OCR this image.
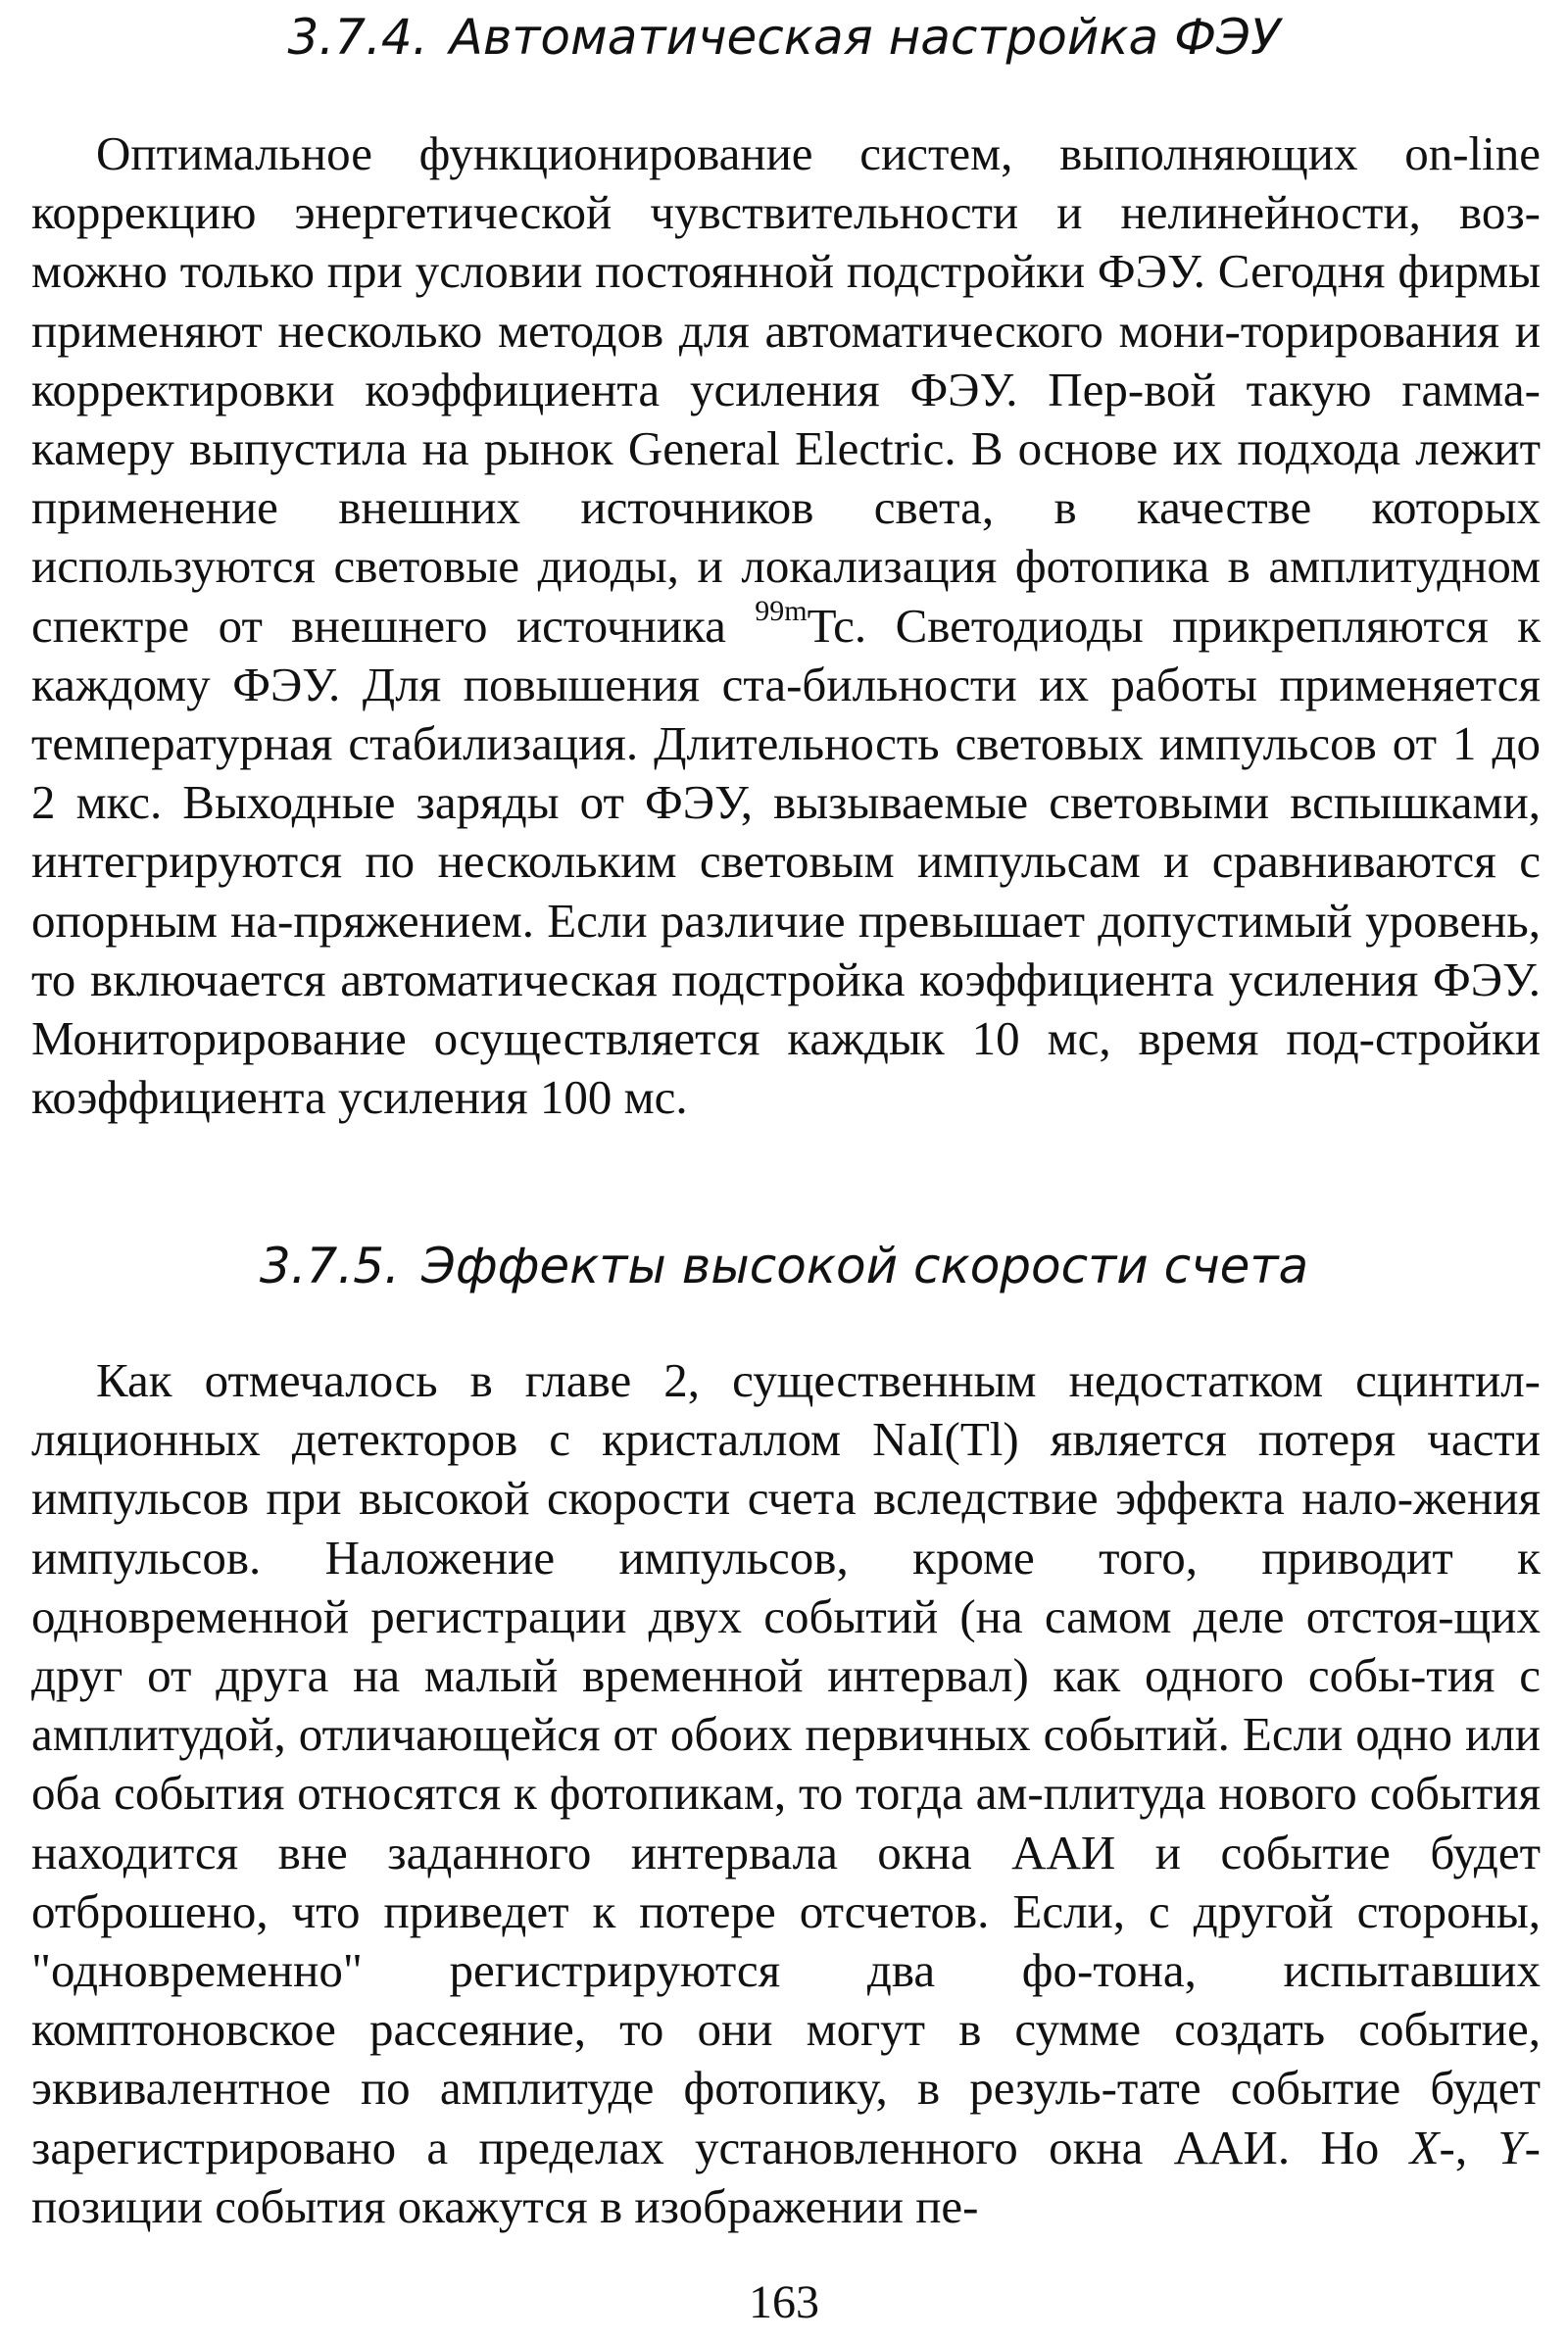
3.7.4. Автоматическая настройка ФЭУ

Оптимальное функционирование систем, выполняющих on-line коррекцию энергетической чувствительности и нелинейности, воз-можно только при условии постоянной подстройки ФЭУ. Сегодня фирмы применяют несколько методов для автоматического мони-торирования и корректировки коэффициента усиления ФЭУ. Пер-вой такую гамма-камеру выпустила на рынок General Electric. В основе их подхода лежит применение внешних источников света, в качестве которых используются световые диоды, и локализация фотопика в амплитудном спектре от внешнего источника $^{99m}$Tc. Светодиоды прикрепляются к каждому ФЭУ. Для повышения ста-бильности их работы применяется температурная стабилизация. Длительность световых импульсов от 1 до 2 мкс. Выходные заряды от ФЭУ, вызываемые световыми вспышками, интегрируются по нескольким световым импульсам и сравниваются с опорным на-пряжением. Если различие превышает допустимый уровень, то включается автоматическая подстройка коэффициента усиления ФЭУ. Мониторирование осуществляется каждык 10 мс, время под-стройки коэффициента усиления 100 мс.

3.7.5. Эффекты высокой скорости счета

Как отмечалось в главе 2, существенным недостатком сцинтил-ляционных детекторов с кристаллом NaI(Tl) является потеря части импульсов при высокой скорости счета вследствие эффекта нало-жения импульсов. Наложение импульсов, кроме того, приводит к одновременной регистрации двух событий (на самом деле отстоя-щих друг от друга на малый временной интервал) как одного собы-тия с амплитудой, отличающейся от обоих первичных событий. Если одно или оба события относятся к фотопикам, то тогда ам-плитуда нового события находится вне заданного интервала окна ААИ и событие будет отброшено, что приведет к потере отсчетов. Если, с другой стороны, "одновременно" регистрируются два фо-тона, испытавших комптоновское рассеяние, то они могут в сумме создать событие, эквивалентное по амплитуде фотопику, в резуль-тате событие будет зарегистрировано а пределах установленного окна ААИ. Но X-, Y- позиции события окажутся в изображении пе-

163
